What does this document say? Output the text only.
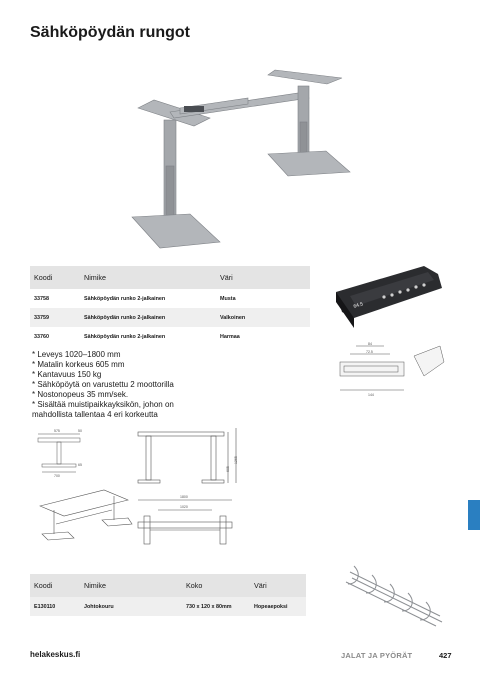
Sähköpöydän rungot
Koodi	Nimike	Väri
33758	Sähköpöydän runko 2-jalkainen	Musta
33759	Sähköpöydän runko 2-jalkainen	Valkoinen
33760	Sähköpöydän runko 2-jalkainen	Harmaa
64.5
84
72.5
144
* Leveys 1020–1800 mm
* Matalin korkeus 605 mm
* Kantavuus 150 kg
* Sähköpöytä on varustettu 2 moottorilla
* Nostonopeus 35 mm/sek.
* Sisältää muistipaikkayksikön, johon on
mahdollista tallentaa 4 eri korkeutta
575	50
700
65
605
1265
1800
1020
Koodi	Nimike	Koko	Väri
E130110	Johtokouru	730 x 120 x 80mm	Hopeaepoksi
helakeskus.fi	JALAT JA PYÖRÄT	427
